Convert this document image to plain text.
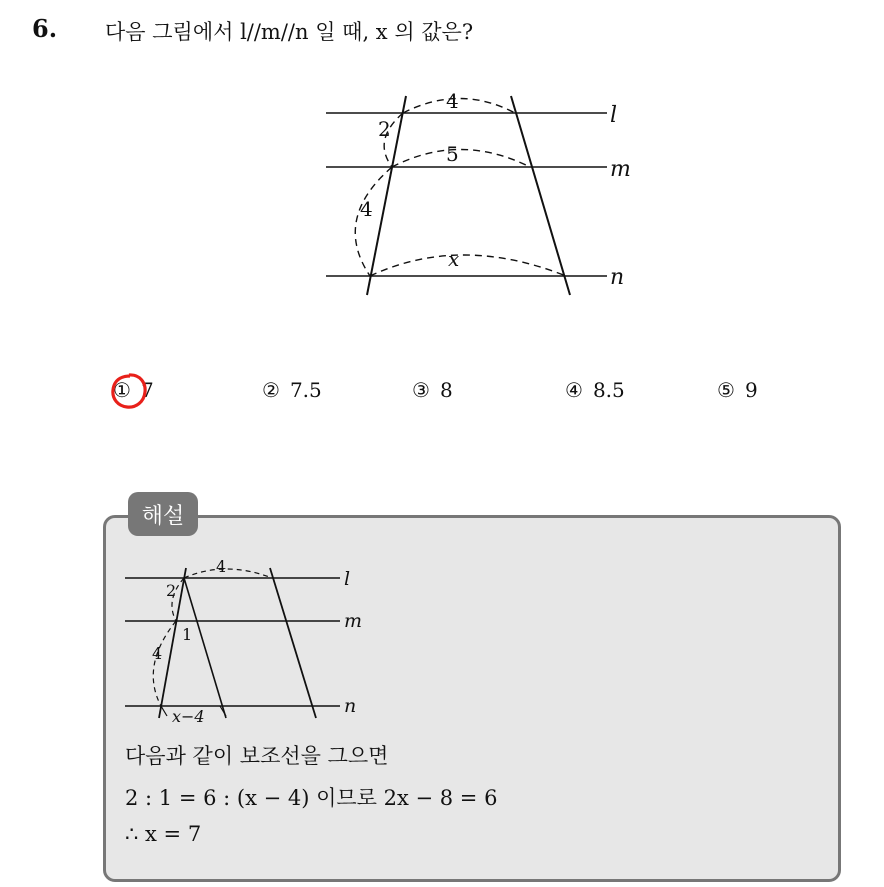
6. 다음 그림에서 l//m//n 일 때, x 의 값은?
4
5
2
4
x
l
m
n
① 7	② 7.5	③ 8	④ 8.5	⑤ 9
해설
4
2
1
4
x−4
l
m
n
다음과 같이 보조선을 그으면
2 : 1 = 6 : (x − 4) 이므로 2x − 8 = 6
∴ x = 7
